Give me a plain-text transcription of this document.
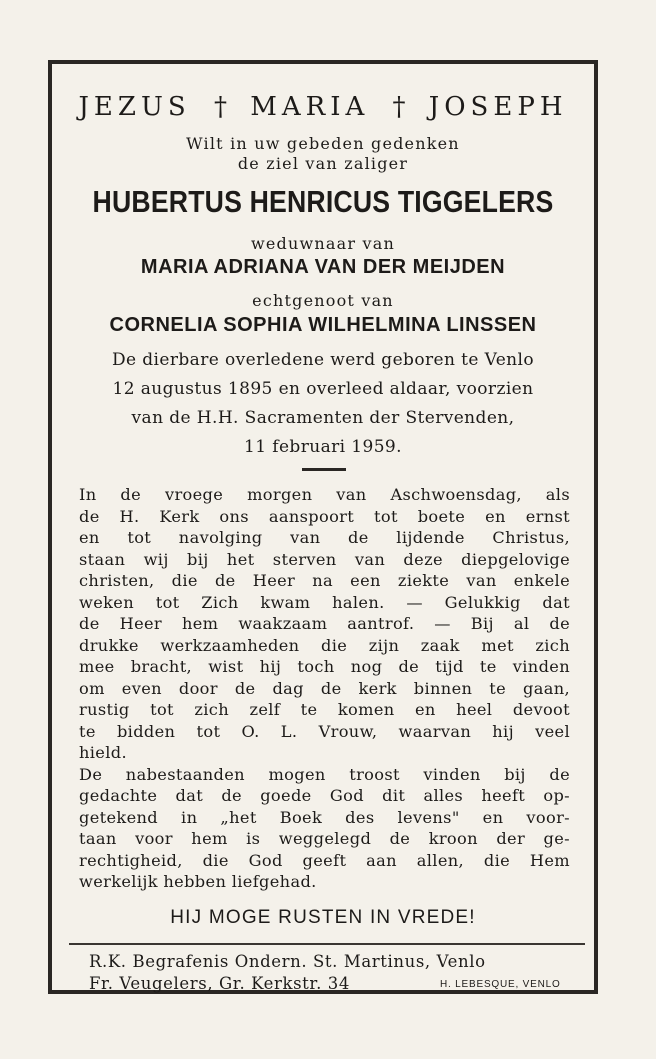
JEZUS † MARIA † JOSEPH
Wilt in uw gebeden gedenken
de ziel van zaliger
HUBERTUS HENRICUS TIGGELERS
weduwnaar van
MARIA ADRIANA VAN DER MEIJDEN
echtgenoot van
CORNELIA SOPHIA WILHELMINA LINSSEN
De dierbare overledene werd geboren te Venlo
12 augustus 1895 en overleed aldaar, voorzien
van de H.H. Sacramenten der Stervenden,
11 februari 1959.
In de vroege morgen van Aschwoensdag, als
de H. Kerk ons aanspoort tot boete en ernst
en tot navolging van de lijdende Christus,
staan wij bij het sterven van deze diepgelovige
christen, die de Heer na een ziekte van enkele
weken tot Zich kwam halen. — Gelukkig dat
de Heer hem waakzaam aantrof. — Bij al de
drukke werkzaamheden die zijn zaak met zich
mee bracht, wist hij toch nog de tijd te vinden
om even door de dag de kerk binnen te gaan,
rustig tot zich zelf te komen en heel devoot
te bidden tot O. L. Vrouw, waarvan hij veel
hield.
De nabestaanden mogen troost vinden bij de
gedachte dat de goede God dit alles heeft op-
getekend in „het Boek des levens" en voor-
taan voor hem is weggelegd de kroon der ge-
rechtigheid, die God geeft aan allen, die Hem
werkelijk hebben liefgehad.
HIJ MOGE RUSTEN IN VREDE!
R.K. Begrafenis Ondern. St. Martinus, Venlo
Fr. Veugelers, Gr. Kerkstr. 34	H. LEBESQUE, VENLO
